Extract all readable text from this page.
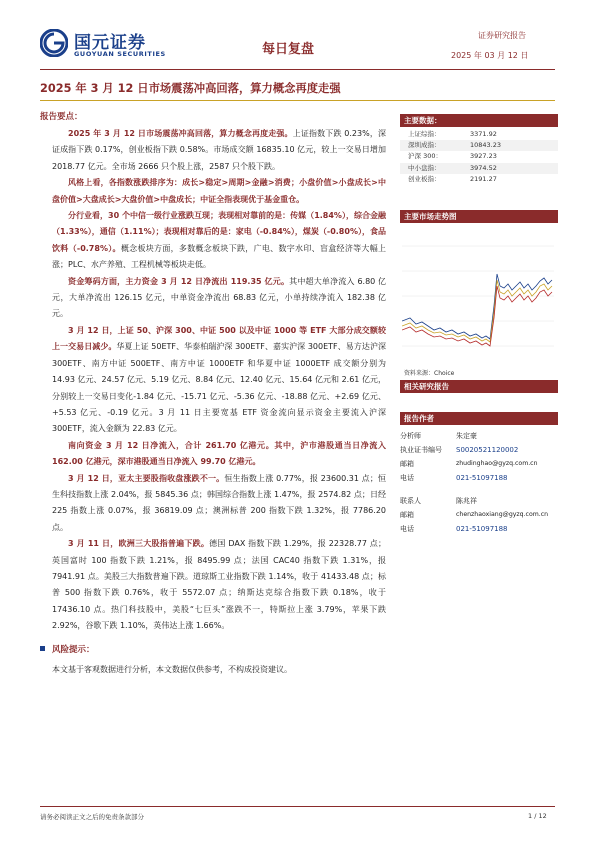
国元证券
GUOYUAN SECURITIES	每日复盘
证券研究报告
2025 年 03 月 12 日
2025 年 3 月 12 日市场震荡冲高回落，算力概念再度走强
报告要点：

2025 年 3 月 12 日市场震荡冲高回落，算力概念再度走强。上证指数下跌 0.23%，深证成指下跌 0.17%，创业板指下跌 0.58%。市场成交额 16835.10 亿元，较上一交易日增加 2018.77 亿元。全市场 2666 只个股上涨，2587 只个股下跌。

风格上看，各指数涨跌排序为：成长>稳定>周期>金融>消费；小盘价值>小盘成长>中盘价值>大盘成长>大盘价值>中盘成长；中证全指表现优于基金重仓。

分行业看，30 个中信一级行业涨跌互现；表现相对靠前的是：传媒（1.84%），综合金融（1.33%），通信（1.11%）；表现相对靠后的是：家电（-0.84%），煤炭（-0.80%），食品饮料（-0.78%）。概念板块方面，多数概念板块下跌，广电、数字水印、盲盒经济等大幅上涨；PLC、水产养殖、工程机械等板块走低。

资金筹码方面，主力资金 3 月 12 日净流出 119.35 亿元。其中超大单净流入 6.80 亿元，大单净流出 126.15 亿元，中单资金净流出 68.83 亿元，小单持续净流入 182.38 亿元。

3 月 12 日，上证 50、沪深 300、中证 500 以及中证 1000 等 ETF 大部分成交额较上一交易日减少。华夏上证 50ETF、华泰柏瑞沪深 300ETF、嘉实沪深 300ETF、易方达沪深 300ETF、南方中证 500ETF、南方中证 1000ETF 和华夏中证 1000ETF 成交额分别为 14.93 亿元、24.57 亿元、5.19 亿元、8.84 亿元、12.40 亿元、15.64 亿元和 2.61 亿元，分别较上一交易日变化-1.84 亿元、-15.71 亿元、-5.36 亿元、-18.88 亿元、+2.69 亿元、+5.53 亿元、-0.19 亿元。3 月 11 日主要宽基 ETF 资金流向显示资金主要流入沪深 300ETF，流入金额为 22.83 亿元。

南向资金 3 月 12 日净流入，合计 261.70 亿港元。其中，沪市港股通当日净流入 162.00 亿港元，深市港股通当日净流入 99.70 亿港元。

3 月 12 日，亚太主要股指收盘涨跌不一。恒生指数上涨 0.77%，报 23600.31 点；恒生科技指数上涨 2.04%，报 5845.36 点；韩国综合指数上涨 1.47%，报 2574.82 点；日经 225 指数上涨 0.07%，报 36819.09 点；澳洲标普 200 指数下跌 1.32%，报 7786.20 点。

3 月 11 日，欧洲三大股指普遍下跌。德国 DAX 指数下跌 1.29%，报 22328.77 点；英国富时 100 指数下跌 1.21%，报 8495.99 点；法国 CAC40 指数下跌 1.31%，报 7941.91 点。美股三大指数普遍下跌。道琼斯工业指数下跌 1.14%，收于 41433.48 点；标普 500 指数下跌 0.76%，收于 5572.07 点；纳斯达克综合指数下跌 0.18%，收于 17436.10 点。热门科技股中，美股“七巨头”涨跌不一，特斯拉上涨 3.79%，苹果下跌 2.92%，谷歌下跌 1.10%，英伟达上涨 1.66%。

风险提示：
本文基于客观数据进行分析，本文数据仅供参考，不构成投资建议。
主要数据：
上证综指：	3371.92
深圳成指：	10843.23
沪深 300：	3927.23
中小盘指：	3974.52
创业板指：	2191.27
主要市场走势图
资料来源：Choice
相关研究报告
报告作者
分析师	朱定豪
执业证书编号 S0020521120002
邮箱	zhudinghao@gyzq.com.cn
电话	021-51097188
联系人	陈兆祥
邮箱	chenzhaoxiang@gyzq.com.cn
电话	021-51097188
请务必阅读正文之后的免责条款部分	1 / 12
